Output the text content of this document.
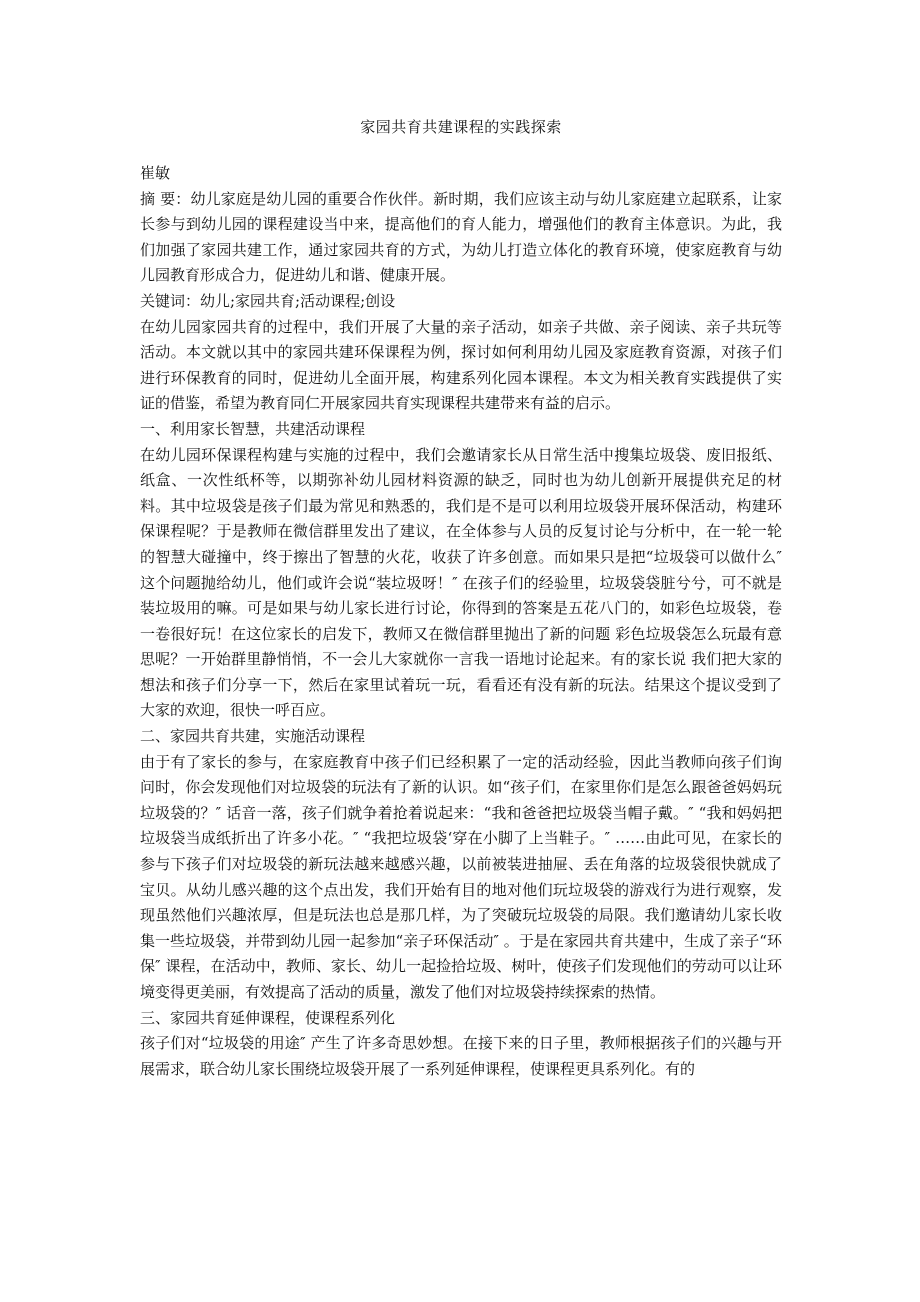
家园共育共建课程的实践探索

崔敏

摘 要：幼儿家庭是幼儿园的重要合作伙伴。新时期，我们应该主动与幼儿家庭建立起联系，让家长参与到幼儿园的课程建设当中来，提高他们的育人能力，增强他们的教育主体意识。为此，我们加强了家园共建工作，通过家园共育的方式，为幼儿打造立体化的教育环境，使家庭教育与幼儿园教育形成合力，促进幼儿和谐、健康开展。

关键词：幼儿;家园共育;活动课程;创设

在幼儿园家园共育的过程中，我们开展了大量的亲子活动，如亲子共做、亲子阅读、亲子共玩等活动。本文就以其中的家园共建环保课程为例，探讨如何利用幼儿园及家庭教育资源，对孩子们进行环保教育的同时，促进幼儿全面开展，构建系列化园本课程。本文为相关教育实践提供了实证的借鉴，希望为教育同仁开展家园共育实现课程共建带来有益的启示。

一、利用家长智慧，共建活动课程

在幼儿园环保课程构建与实施的过程中，我们会邀请家长从日常生活中搜集垃圾袋、废旧报纸、纸盒、一次性纸杯等，以期弥补幼儿园材料资源的缺乏，同时也为幼儿创新开展提供充足的材料。其中垃圾袋是孩子们最为常见和熟悉的，我们是不是可以利用垃圾袋开展环保活动，构建环保课程呢？于是教师在微信群里发出了建议，在全体参与人员的反复讨论与分析中，在一轮一轮的智慧大碰撞中，终于擦出了智慧的火花，收获了许多创意。而如果只是把“垃圾袋可以做什么″ 这个问题抛给幼儿，他们或许会说“装垃圾呀！″ 在孩子们的经验里，垃圾袋袋脏兮兮，可不就是装垃圾用的嘛。可是如果与幼儿家长进行讨论，你得到的答案是五花八门的，如彩色垃圾袋，卷一卷很好玩！在这位家长的启发下，教师又在微信群里抛出了新的问题 彩色垃圾袋怎么玩最有意思呢？一开始群里静悄悄，不一会儿大家就你一言我一语地讨论起来。有的家长说 我们把大家的想法和孩子们分享一下，然后在家里试着玩一玩，看看还有没有新的玩法。结果这个提议受到了大家的欢迎，很快一呼百应。

二、家园共育共建，实施活动课程

由于有了家长的参与，在家庭教育中孩子们已经积累了一定的活动经验，因此当教师向孩子们询问时，你会发现他们对垃圾袋的玩法有了新的认识。如“孩子们，在家里你们是怎么跟爸爸妈妈玩垃圾袋的？″ 话音一落，孩子们就争着抢着说起来：“我和爸爸把垃圾袋当帽子戴。″ “我和妈妈把垃圾袋当成纸折出了许多小花。″ “我把垃圾袋‘穿在小脚了上当鞋子。″ ……由此可见，在家长的参与下孩子们对垃圾袋的新玩法越来越感兴趣，以前被装进抽屉、丢在角落的垃圾袋很快就成了宝贝。从幼儿感兴趣的这个点出发，我们开始有目的地对他们玩垃圾袋的游戏行为进行观察，发现虽然他们兴趣浓厚，但是玩法也总是那几样，为了突破玩垃圾袋的局限。我们邀请幼儿家长收集一些垃圾袋，并带到幼儿园一起参加“亲子环保活动″ 。于是在家园共育共建中，生成了亲子“环保″ 课程，在活动中，教师、家长、幼儿一起捡拾垃圾、树叶，使孩子们发现他们的劳动可以让环境变得更美丽，有效提高了活动的质量，激发了他们对垃圾袋持续探索的热情。

三、家园共育延伸课程，使课程系列化

孩子们对“垃圾袋的用途″ 产生了许多奇思妙想。在接下来的日子里，教师根据孩子们的兴趣与开展需求，联合幼儿家长围绕垃圾袋开展了一系列延伸课程，使课程更具系列化。有的
